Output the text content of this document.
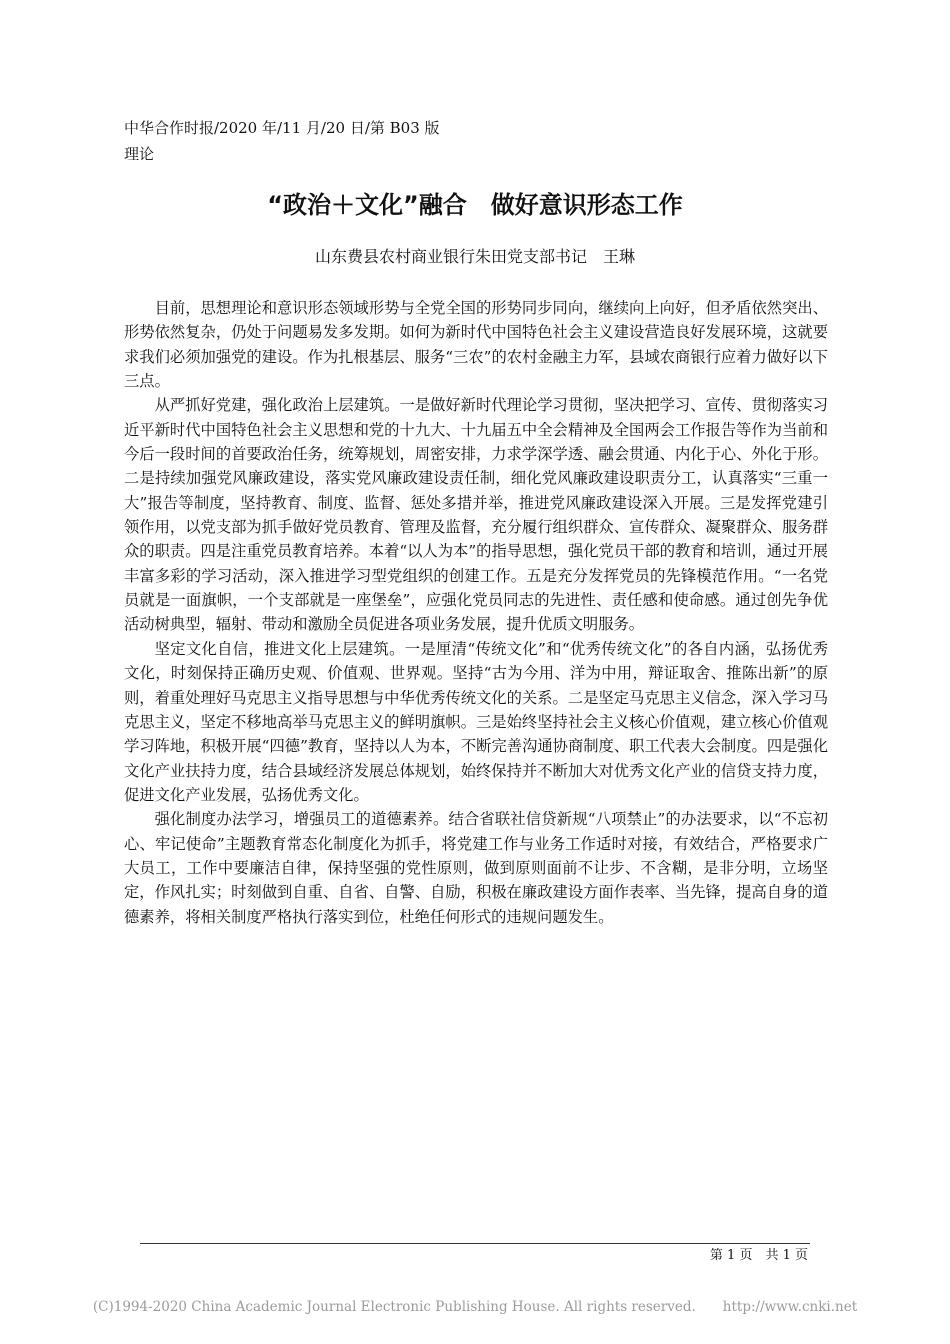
中华合作时报/2020 年/11 月/20 日/第 B03 版
理论
“政治＋文化”融合　做好意识形态工作
山东费县农村商业银行朱田党支部书记　王琳

目前，思想理论和意识形态领域形势与全党全国的形势同步同向，继续向上向好，但矛盾依然突出、形势依然复杂，仍处于问题易发多发期。如何为新时代中国特色社会主义建设营造良好发展环境，这就要求我们必须加强党的建设。作为扎根基层、服务“三农”的农村金融主力军，县域农商银行应着力做好以下三点。

从严抓好党建，强化政治上层建筑。一是做好新时代理论学习贯彻，坚决把学习、宣传、贯彻落实习近平新时代中国特色社会主义思想和党的十九大、十九届五中全会精神及全国两会工作报告等作为当前和今后一段时间的首要政治任务，统筹规划，周密安排，力求学深学透、融会贯通、内化于心、外化于形。二是持续加强党风廉政建设，落实党风廉政建设责任制，细化党风廉政建设职责分工，认真落实“三重一大”报告等制度，坚持教育、制度、监督、惩处多措并举，推进党风廉政建设深入开展。三是发挥党建引领作用，以党支部为抓手做好党员教育、管理及监督，充分履行组织群众、宣传群众、凝聚群众、服务群众的职责。四是注重党员教育培养。本着“以人为本”的指导思想，强化党员干部的教育和培训，通过开展丰富多彩的学习活动，深入推进学习型党组织的创建工作。五是充分发挥党员的先锋模范作用。“一名党员就是一面旗帜，一个支部就是一座堡垒”，应强化党员同志的先进性、责任感和使命感。通过创先争优活动树典型，辐射、带动和激励全员促进各项业务发展，提升优质文明服务。

坚定文化自信，推进文化上层建筑。一是厘清“传统文化”和“优秀传统文化”的各自内涵，弘扬优秀文化，时刻保持正确历史观、价值观、世界观。坚持“古为今用、洋为中用，辩证取舍、推陈出新”的原则，着重处理好马克思主义指导思想与中华优秀传统文化的关系。二是坚定马克思主义信念，深入学习马克思主义，坚定不移地高举马克思主义的鲜明旗帜。三是始终坚持社会主义核心价值观，建立核心价值观学习阵地，积极开展“四德”教育，坚持以人为本，不断完善沟通协商制度、职工代表大会制度。四是强化文化产业扶持力度，结合县域经济发展总体规划，始终保持并不断加大对优秀文化产业的信贷支持力度，促进文化产业发展，弘扬优秀文化。

强化制度办法学习，增强员工的道德素养。结合省联社信贷新规“八项禁止”的办法要求，以“不忘初心、牢记使命”主题教育常态化制度化为抓手，将党建工作与业务工作适时对接，有效结合，严格要求广大员工，工作中要廉洁自律，保持坚强的党性原则，做到原则面前不让步、不含糊，是非分明，立场坚定，作风扎实；时刻做到自重、自省、自警、自励，积极在廉政建设方面作表率、当先锋，提高自身的道德素养，将相关制度严格执行落实到位，杜绝任何形式的违规问题发生。

第 1 页　共 1 页
(C)1994-2020 China Academic Journal Electronic Publishing House. All rights reserved.　　http://www.cnki.net
